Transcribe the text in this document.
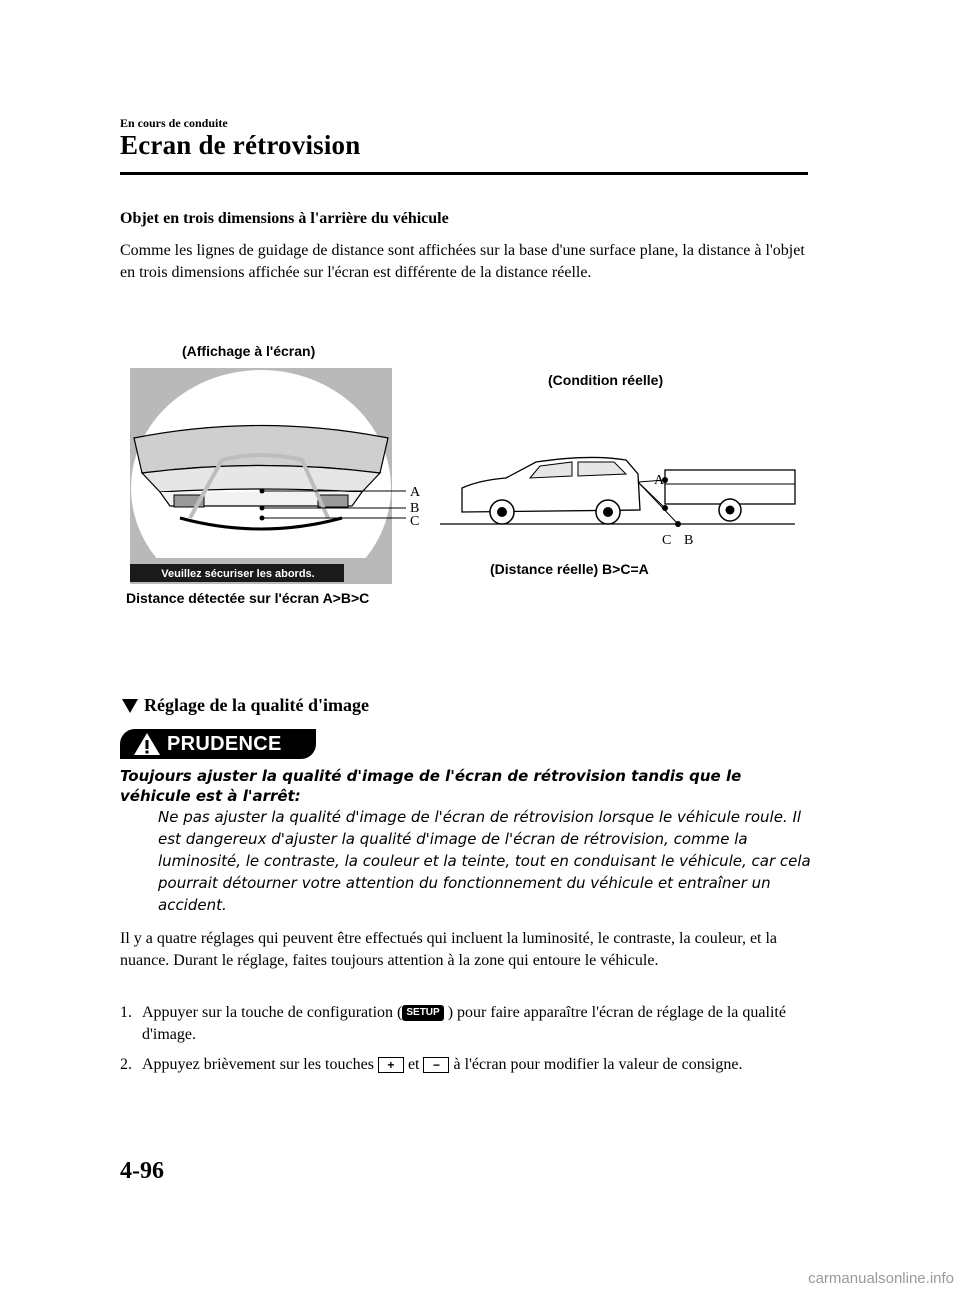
En cours de conduite
Ecran de rétrovision
Objet en trois dimensions à l'arrière du véhicule
Comme les lignes de guidage de distance sont affichées sur la base d'une surface plane, la distance à l'objet en trois dimensions affichée sur l'écran est différente de la distance réelle.
(Affichage à l'écran)
Veuillez sécuriser les abords.
A
B
C
Distance détectée sur l'écran A>B>C
(Condition réelle)
A
C B
(Distance réelle) B>C=A
Réglage de la qualité d'image
PRUDENCE
Toujours ajuster la qualité d'image de l'écran de rétrovision tandis que le véhicule est à l'arrêt:
Ne pas ajuster la qualité d'image de l'écran de rétrovision lorsque le véhicule roule. Il est dangereux d'ajuster la qualité d'image de l'écran de rétrovision, comme la luminosité, le contraste, la couleur et la teinte, tout en conduisant le véhicule, car cela pourrait détourner votre attention du fonctionnement du véhicule et entraîner un accident.
Il y a quatre réglages qui peuvent être effectués qui incluent la luminosité, le contraste, la couleur, et la nuance. Durant le réglage, faites toujours attention à la zone qui entoure le véhicule.
1. Appuyer sur la touche de configuration ( SETUP ) pour faire apparaître l'écran de réglage de la qualité d'image.
2. Appuyez brièvement sur les touches + et − à l'écran pour modifier la valeur de consigne.
4-96
carmanualsonline.info
